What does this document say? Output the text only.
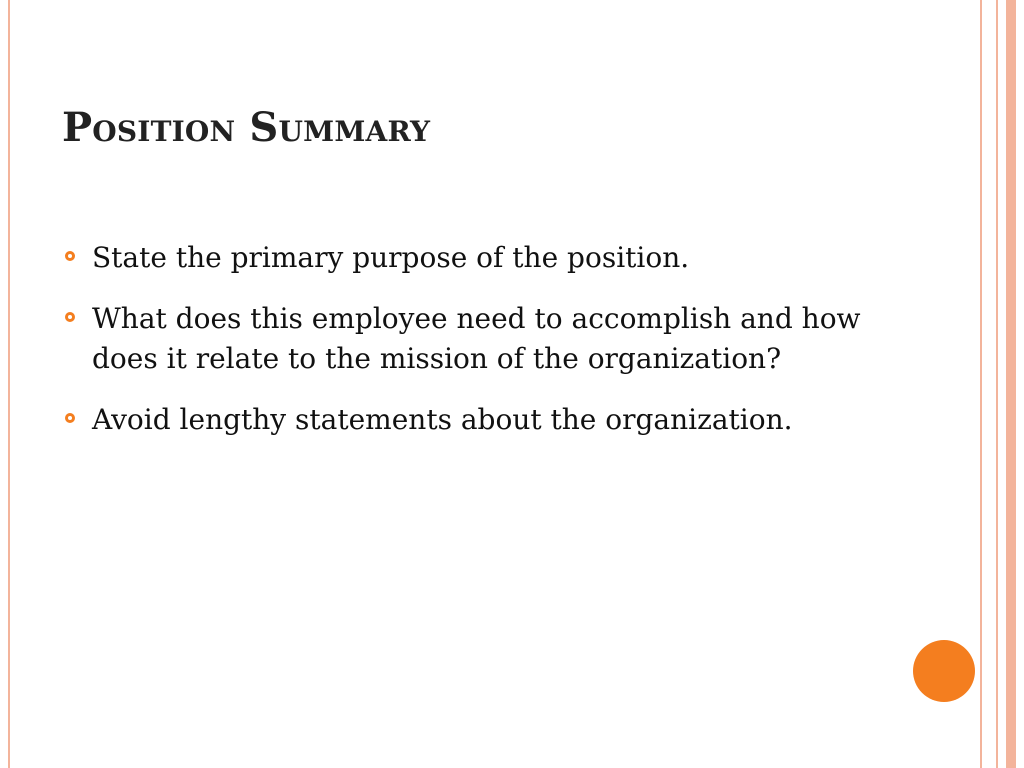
Position Summary
State the primary purpose of the position.
What does this employee need to accomplish and how does it relate to the mission of the organization?
Avoid lengthy statements about the organization.
